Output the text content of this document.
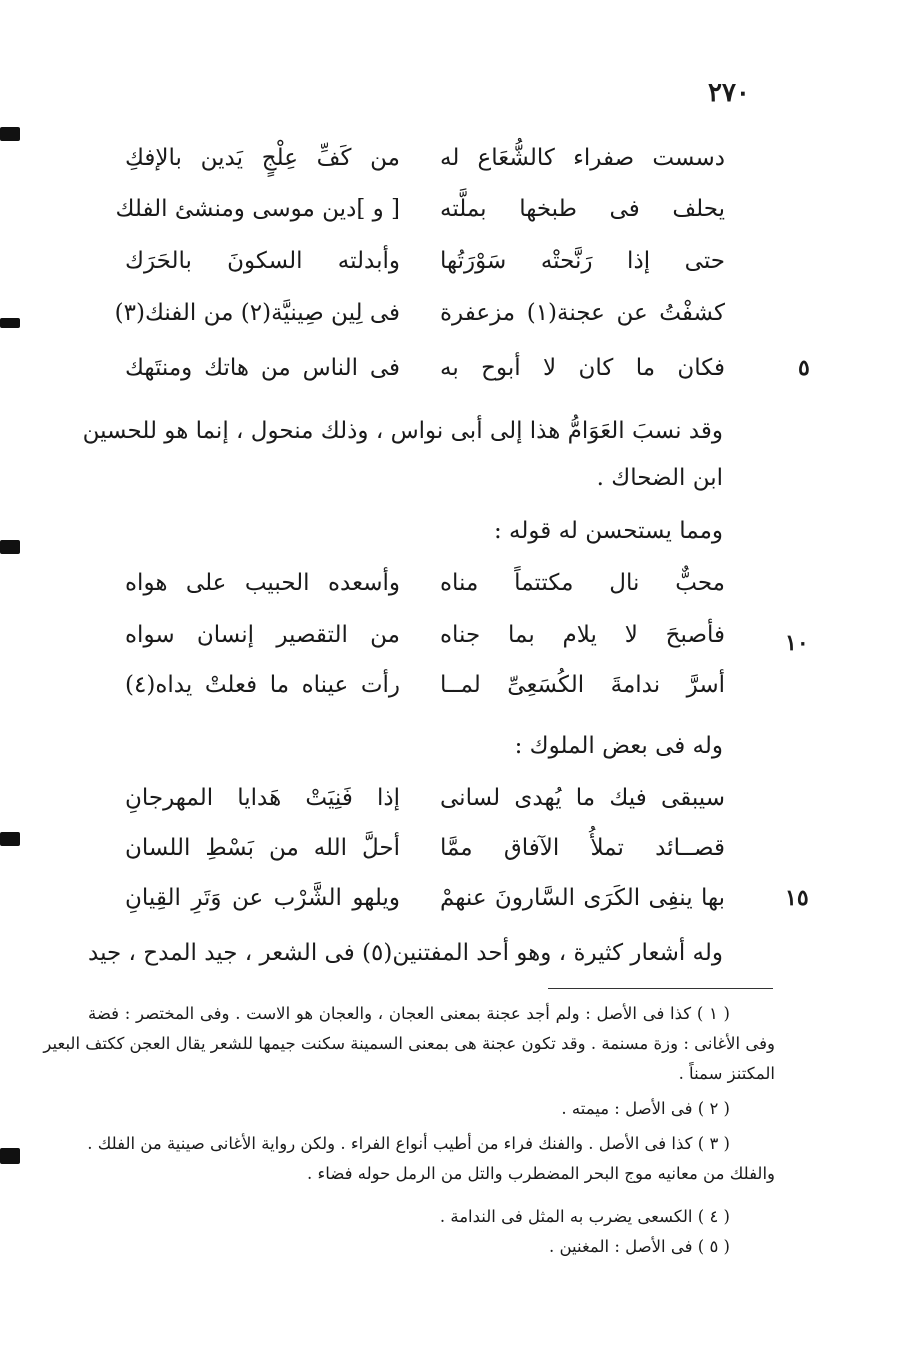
٢٧٠
٥
١٠
١٥
دسست صفراء كالشُّعَاع له
من كَفِّ عِلْجٍ يَدين بالإفكِ
يحلف فى طبخها بملَّته
[ و ]دين موسى ومنشئ الفلك
حتى إذا رَنَّحتْه سَوْرَتُها
وأبدلته السكونَ بالحَرَك
كشفْتُ عن عجنة(١) مزعفرة
فى لِين صِينيَّة(٢) من الفنك(٣)
فكان ما كان لا أبوح به
فى الناس من هاتك ومنتَهك
وقد نسبَ العَوَامُّ هذا إلى أبى نواس ، وذلك منحول ، إنما هو للحسين
ابن الضحاك .
ومما يستحسن له قوله :
محبٌّ نال مكتتماً مناه
وأسعده الحبيب على هواه
فأصبحَ لا يلام بما جناه
من التقصير إنسان سواه
أسرَّ ندامةَ الكُسَعِىِّ لمــا
رأت عيناه ما فعلتْ يداه(٤)
وله فى بعض الملوك :
سيبقى فيك ما يُهدى لسانى
إذا فَنِيَتْ هَدايا المهرجانِ
قصــائد تملأُ الآفاق ممَّا
أحلَّ الله من بَسْطِ اللسان
بها ينفِى الكَرَى السَّارونَ عنهمْ
ويلهو الشَّرْب عن وَتَرِ القِيانِ
وله أشعار كثيرة ، وهو أحد المفتنين(٥) فى الشعر ، جيد المدح ، جيد
( ١ ) كذا فى الأصل : ولم أجد عجنة بمعنى العجان ، والعجان هو الاست . وفى المختصر : فضة
وفى الأغانى : وزة مسنمة . وقد تكون عجنة هى بمعنى السمينة سكنت جيمها للشعر يقال العجن ككتف البعير
المكتنز سمناً .
( ٢ ) فى الأصل : ميمته .
( ٣ ) كذا فى الأصل . والفنك فراء من أطيب أنواع الفراء . ولكن رواية الأغانى صينية من الفلك .
والفلك من معانيه موج البحر المضطرب والتل من الرمل حوله فضاء .
( ٤ ) الكسعى يضرب به المثل فى الندامة .
( ٥ ) فى الأصل : المغنين .
